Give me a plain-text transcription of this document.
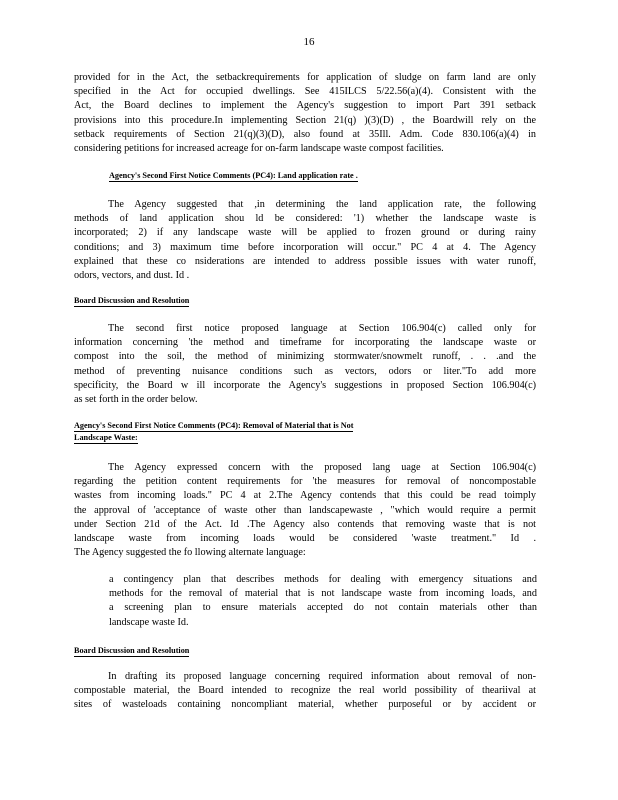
16

provided for in the Act, the setbackrequirements for application of sludge on farm land are only

specified in the Act for occupied dwellings. See 415ILCS 5/22.56(a)(4). Consistent with the

Act, the Board declines to implement the Agency's suggestion to import Part 391 setback

provisions into this procedure.In implementing Section 21(q) )(3)(D) , the Boardwill rely on the

setback requirements of Section 21(q)(3)(D), also found at 35Ill. Adm. Code 830.106(a)(4) in

considering petitions for increased acreage for on-farm landscape waste compost facilities.

Agency's Second First Notice Comments (PC4): Land application rate .

The Agency suggested that ,in determining the land application rate, the following

methods of land application shou ld be considered: '1) whether the landscape waste is

incorporated; 2) if any landscape waste will be applied to frozen ground or during rainy

conditions; and 3) maximum time before incorporation will occur." PC 4 at 4. The Agency

explained that these co nsiderations are intended to address possible issues with water runoff,

odors, vectors, and dust. Id .

Board Discussion and Resolution

The second first notice proposed language at Section 106.904(c) called only for

information concerning 'the method and timeframe for incorporating the landscape waste or

compost into the soil, the method of minimizing stormwater/snowmelt runoff, . . .and the

method of preventing nuisance conditions such as vectors, odors or liter."To add more

specificity, the Board w ill incorporate the Agency's suggestions in proposed Section 106.904(c)

as set forth in the order below.

Agency's Second First Notice Comments (PC4): Removal of Material that is Not
Landscape Waste:

The Agency expressed concern with the proposed lang uage at Section 106.904(c)

regarding the petition content requirements for 'the measures for removal of noncompostable

wastes from incoming loads." PC 4 at 2.The Agency contends that this could be read toimply

the approval of 'acceptance of waste other than landscapewaste , "which would require a permit

under Section 21d of the Act. Id .The Agency also contends that removing waste that is not

landscape waste from incoming loads would be considered 'waste treatment." Id .

The Agency suggested the fo llowing alternate language:

a contingency plan that describes methods for dealing with emergency situations and

methods for the removal of material that is not landscape waste from incoming loads, and

a screening plan to ensure materials accepted do not contain materials other than

landscape waste Id.

Board Discussion and Resolution

In drafting its proposed language concerning required information about removal of non-

compostable material, the Board intended to recognize the real world possibility of theariival at

sites of wasteloads containing noncompliant material, whether purposeful or by accident or
